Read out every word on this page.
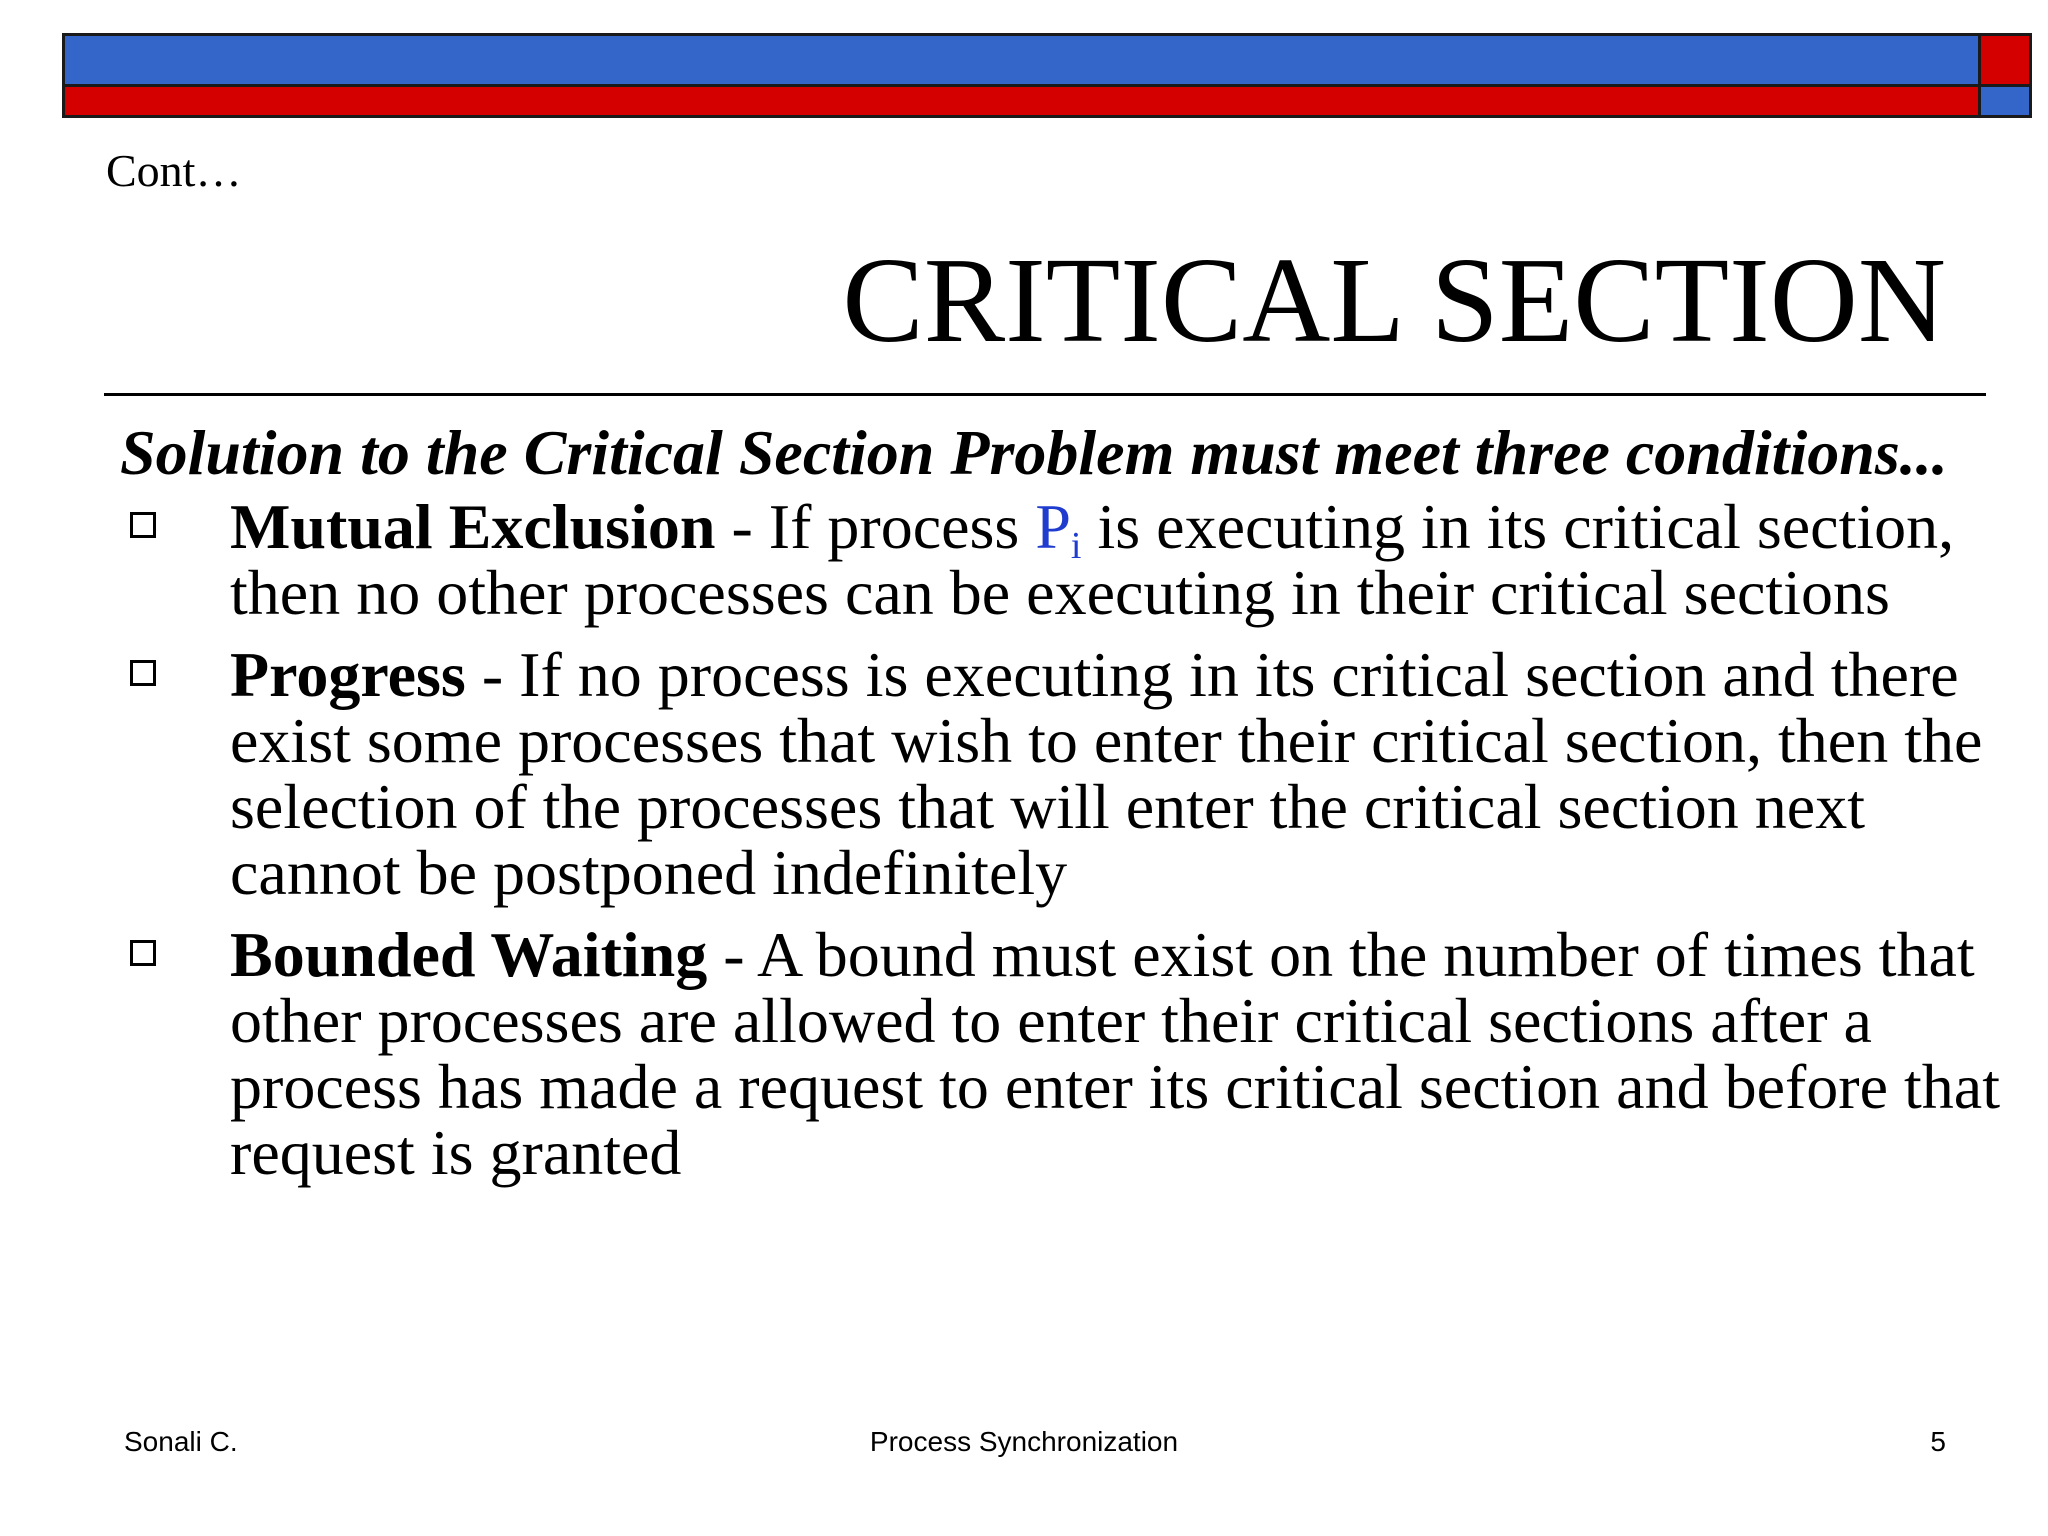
Cont…
CRITICAL SECTION

Solution to the Critical Section Problem must meet three conditions...

Mutual Exclusion - If process $P_i$ is executing in its critical section, then no other processes can be executing in their critical sections
Progress - If no process is executing in its critical section and there exist some processes that wish to enter their critical section, then the selection of the processes that will enter the critical section next cannot be postponed indefinitely
Bounded Waiting - A bound must exist on the number of times that other processes are allowed to enter their critical sections after a process has made a request to enter its critical section and before that request is granted
Sonali C.	Process Synchronization	5
